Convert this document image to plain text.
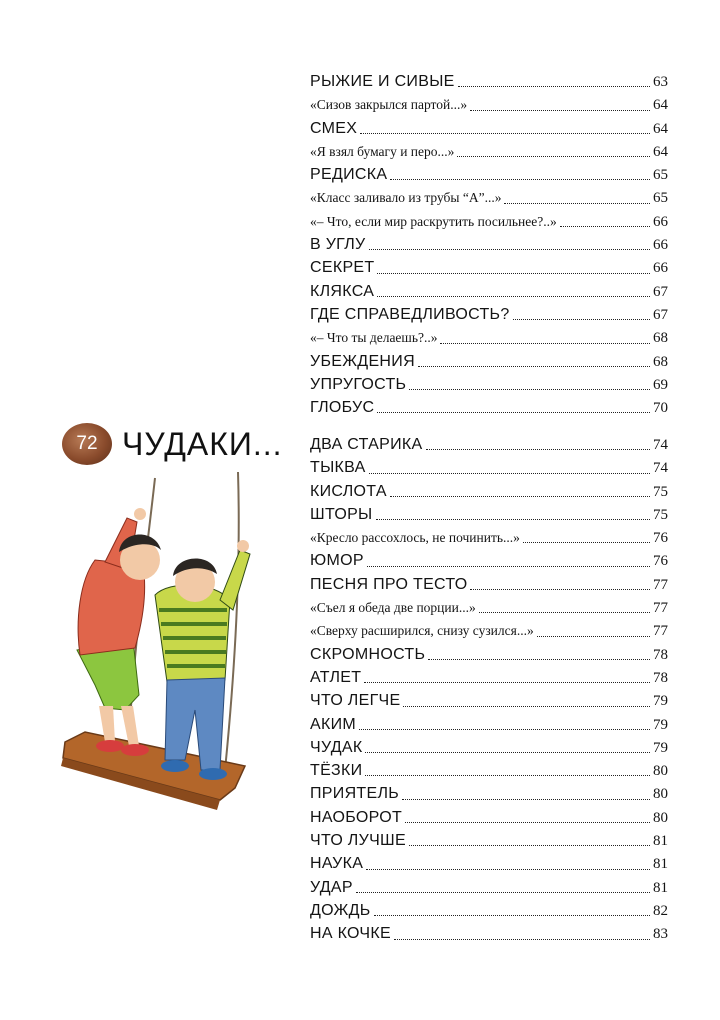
РЫЖИЕ И СИВЫЕ	63
«Сизов закрылся партой...»	64
СМЕХ	64
«Я взял бумагу и перо...»	64
РЕДИСКА	65
«Класс заливало из трубы “А”...»	65
«– Что, если мир раскрутить посильнее?..»	66
В УГЛУ	66
СЕКРЕТ	66
КЛЯКСА	67
ГДЕ СПРАВЕДЛИВОСТЬ?	67
«– Что ты делаешь?..»	68
УБЕЖДЕНИЯ	68
УПРУГОСТЬ	69
ГЛОБУС	70
72 ЧУДАКИ... ДВА СТАРИКА	74
ТЫКВА	74
КИСЛОТА	75
ШТОРЫ	75
«Кресло рассохлось, не починить...»	76
ЮМОР	76
ПЕСНЯ ПРО ТЕСТО	77
«Съел я обеда две порции...»	77
«Сверху расширился, снизу сузился...»	77
СКРОМНОСТЬ	78
АТЛЕТ	78
ЧТО ЛЕГЧЕ	79
АКИМ	79
ЧУДАК	79
ТЁЗКИ	80
ПРИЯТЕЛЬ	80
НАОБОРОТ	80
ЧТО ЛУЧШЕ	81
НАУКА	81
УДАР	81
ДОЖДЬ	82
НА КОЧКЕ	83
